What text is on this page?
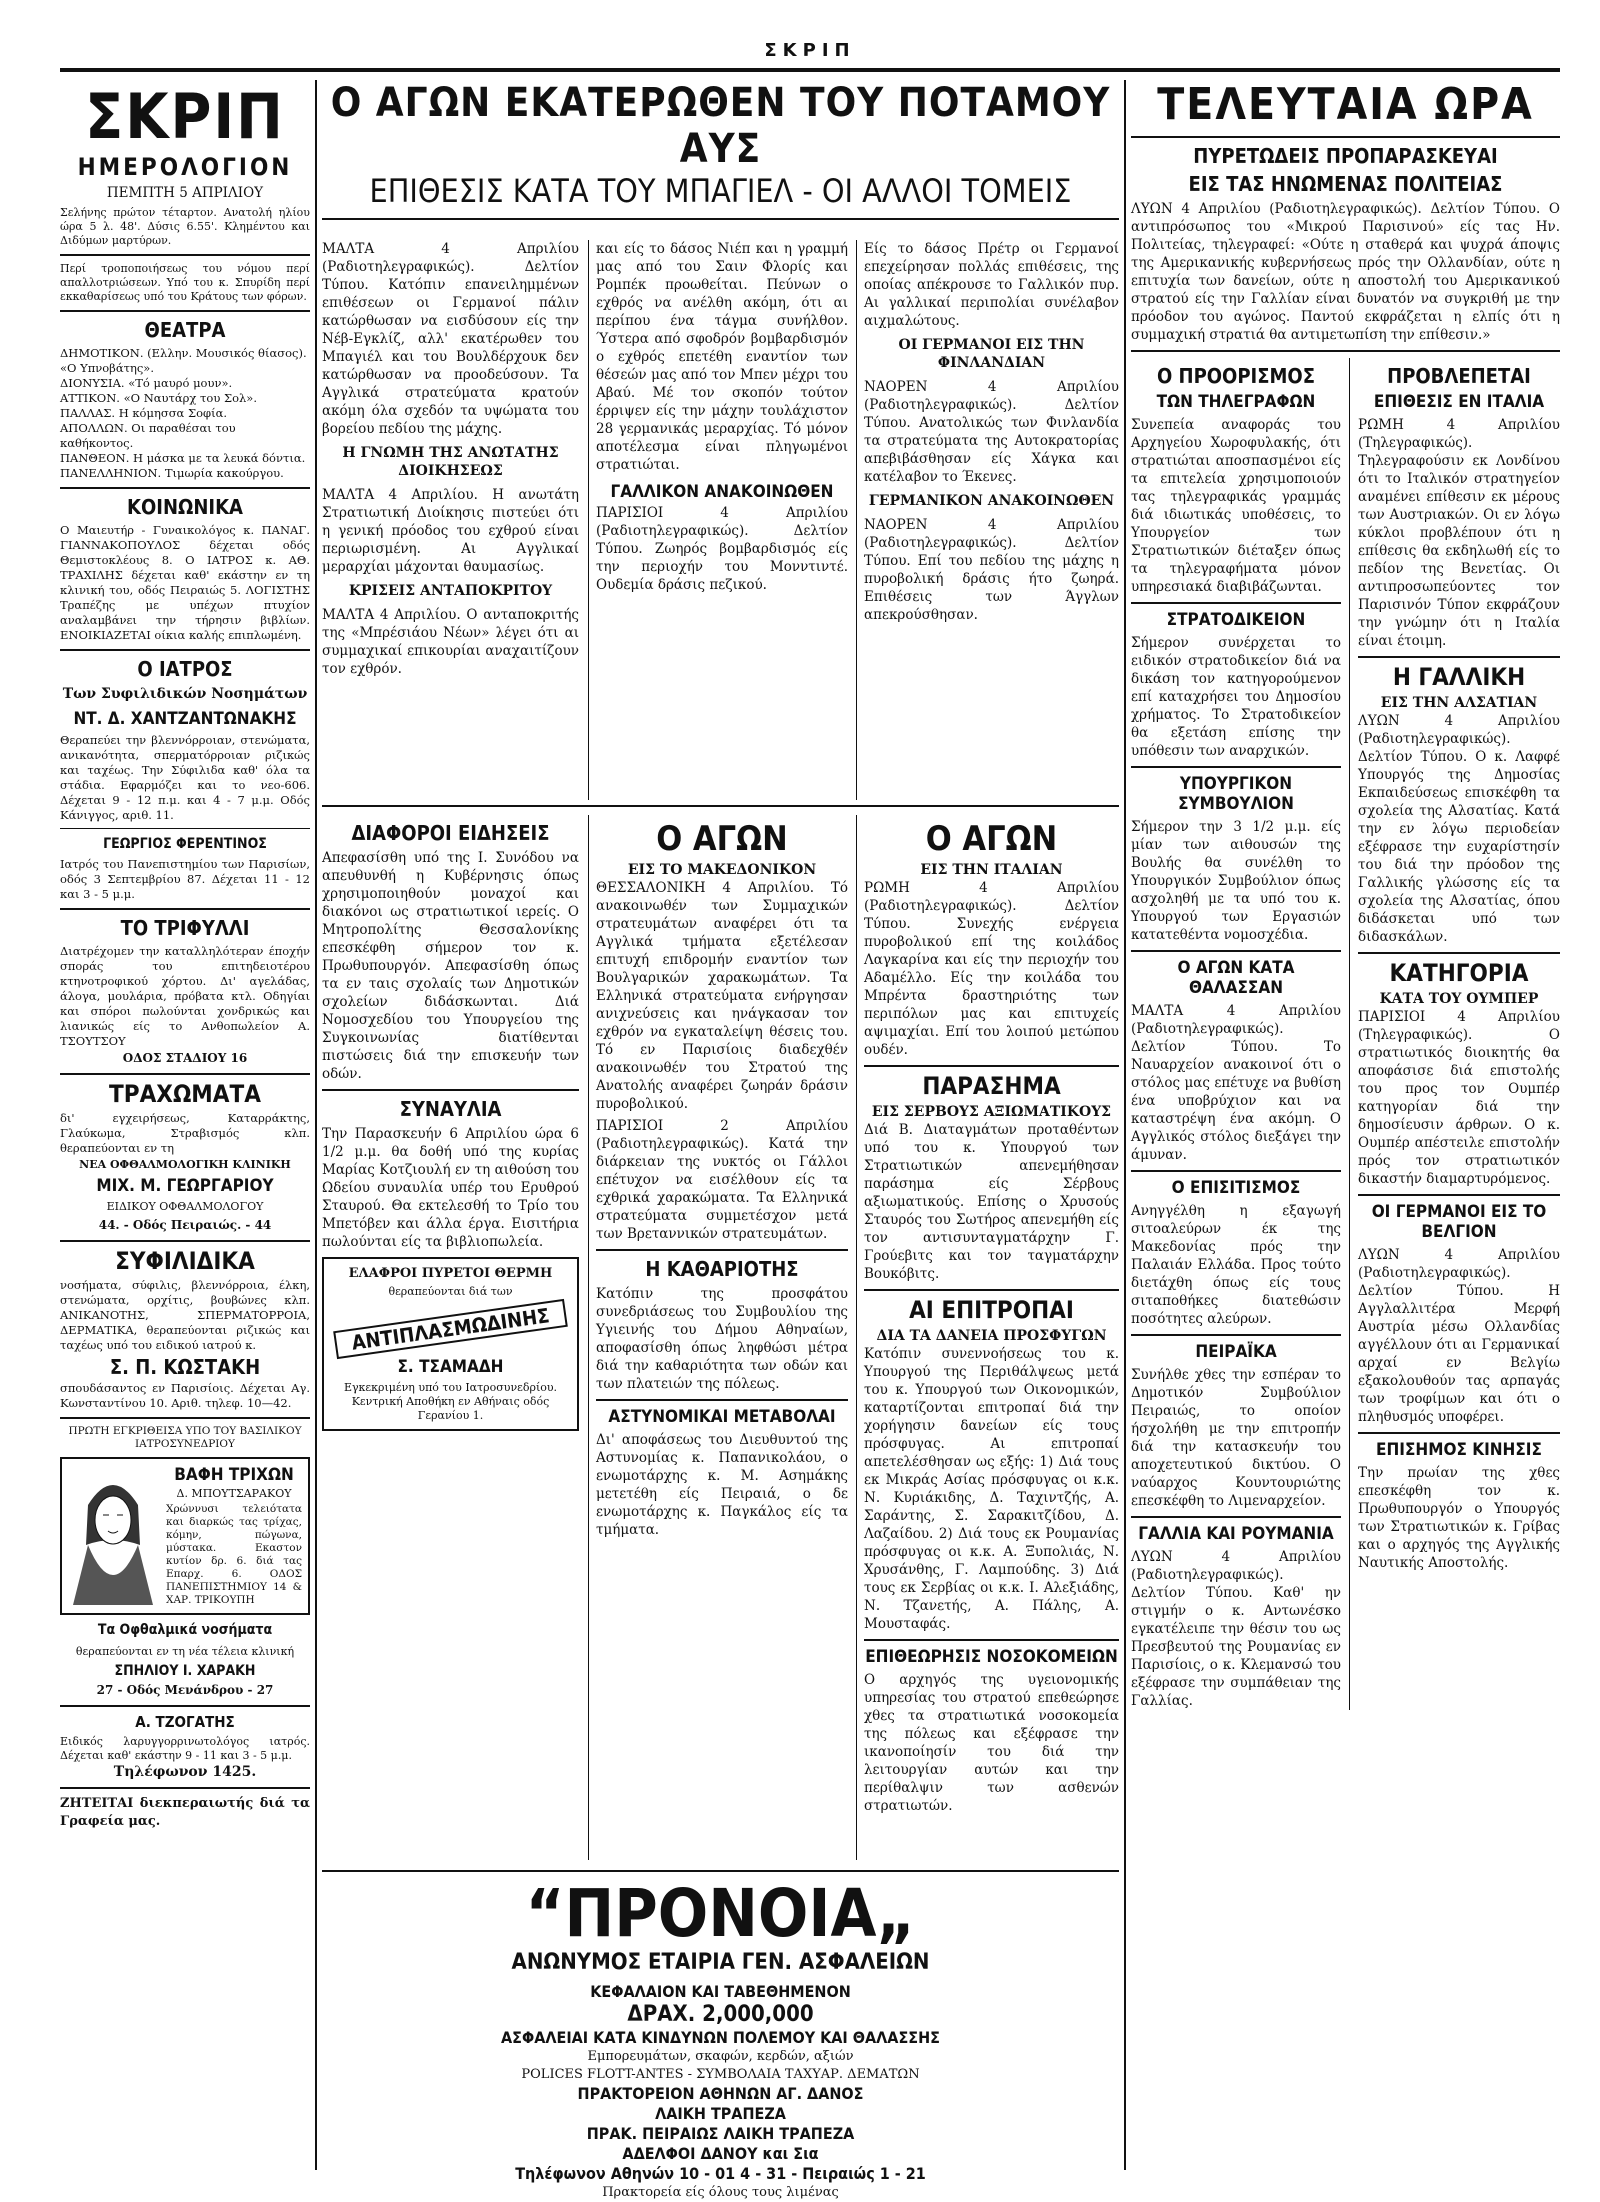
ΣΚΡΙΠ
ΣΚΡΙΠ
ΗΜΕΡΟΛΟΓΙΟΝ
ΠΕΜΠΤΗ 5 ΑΠΡΙΛΙΟΥ
Σελήνης πρώτον τέταρτον. Ανατολή ηλίου ώρα 5 λ. 48'. Δύσις 6.55'. Κλημέντου και Διδύμων μαρτύρων.
Περί τροποποιήσεως του νόμου περί απαλλοτριώσεων. Υπό του κ. Σπυρίδη περί εκκαθαρίσεως υπό του Κράτους των φόρων.
ΘΕΑΤΡΑ
ΔΗΜΟΤΙΚΟΝ. (Ελλην. Μουσικός θίασος). «Ο Υπνοβάτης».
ΔΙΟΝΥΣΙΑ. «Τό μαυρό μουν».
ΑΤΤΙΚΟΝ. «Ο Ναυτάρχ του Σολ».
ΠΑΛΛΑΣ. Η κόμησσα Σοφία.
ΑΠΟΛΛΩΝ. Οι παραθέσαι του καθήκοντος.
ΠΑΝΘΕΟΝ. Η μάσκα με τα λευκά δόντια.
ΠΑΝΕΛΛΗΝΙΟΝ. Τιμωρία κακούργου.
ΚΟΙΝΩΝΙΚΑ
Ο Μαιευτήρ - Γυναικολόγος κ. ΠΑΝΑΓ. ΓΙΑΝΝΑΚΟΠΟΥΛΟΣ δέχεται οδός Θεμιστοκλέους 8. Ο ΙΑΤΡΟΣ κ. ΑΘ. ΤΡΑΧΙΛΗΣ δέχεται καθ' εκάστην εν τη κλινική του, οδός Πειραιώς 5. ΛΟΓΙΣΤΗΣ Τραπέζης με υπέχων πτυχίον αναλαμβάνει την τήρησιν βιβλίων. ΕΝΟΙΚΙΑΖΕΤΑΙ οίκια καλής επιπλωμένη.
Ο ΙΑΤΡΟΣ
Των Συφιλιδικών Νοσημάτων
ΝΤ. Δ. ΧΑΝΤΖΑΝΤΩΝΑΚΗΣ
Θεραπεύει την βλεννόρροιαν, στενώματα, ανικανότητα, σπερματόρροιαν ριζικώς και ταχέως. Την Σύφιλιδα καθ' όλα τα στάδια. Εφαρμόζει και το νεο-606. Δέχεται 9 - 12 π.μ. και 4 - 7 μ.μ. Οδός Κάνιγγος, αριθ. 11.
ΓΕΩΡΓΙΟΣ ΦΕΡΕΝΤΙΝΟΣ
Ιατρός του Πανεπιστημίου των Παρισίων, οδός 3 Σεπτεμβρίου 87. Δέχεται 11 - 12 και 3 - 5 μ.μ.
ΤΟ ΤΡΙΦΥΛΛΙ
Διατρέχομεν την καταλληλότεραν έποχήν σποράς του επιτηδειοτέρου κτηνοτροφικού χόρτου. Δι' αγελάδας, άλογα, μουλάρια, πρόβατα κτλ. Οδηγίαι και σπόροι πωλούνται χονδρικώς και λιανικώς είς το Ανθοπωλείον Α. ΤΣΟΥΤΣΟΥ
ΟΔΟΣ ΣΤΑΔΙΟΥ 16
ΤΡΑΧΩΜΑΤΑ
δι' εγχειρήσεως, Καταρράκτης, Γλαύκωμα, Στραβισμός κλπ. θεραπεύονται εν τη
ΝΕΑ ΟΦΘΑΛΜΟΛΟΓΙΚΗ ΚΛΙΝΙΚΗ
ΜΙΧ. Μ. ΓΕΩΡΓΑΡΙΟΥ
ΕΙΔΙΚΟΥ ΟΦΘΑΛΜΟΛΟΓΟΥ
44. - Οδός Πειραιώς. - 44
ΣΥΦΙΛΙΔΙΚΑ
νοσήματα, σύφιλις, βλεννόρροια, έλκη, στενώματα, ορχίτις, βουβώνες κλπ. ΑΝΙΚΑΝΟΤΗΣ, ΣΠΕΡΜΑΤΟΡΡΟΙΑ, ΔΕΡΜΑΤΙΚΑ, θεραπεύονται ριζικώς και ταχέως υπό του ειδικού ιατρού κ.
Σ. Π. ΚΩΣΤΑΚΗ
σπουδάσαντος εν Παρισίοις. Δέχεται Αγ. Κωνσταντίνου 10. Αριθ. τηλεφ. 10—42.
ΠΡΩΤΗ ΕΓΚΡΙΘΕΙΣΑ ΥΠΟ ΤΟΥ ΒΑΣΙΛΙΚΟΥ ΙΑΤΡΟΣΥΝΕΔΡΙΟΥ
ΒΑΦΗ ΤΡΙΧΩΝ
Δ. ΜΠΟΥΤΣΑΡΑΚΟΥ
Χρώννυσι τελειότατα και διαρκώς τας τρίχας, κόμην, πώγωνα, μύστακα. Εκαστον κυτίον δρ. 6. διά τας Επαρχ. 6. ΟΔΟΣ ΠΑΝΕΠΙΣΤΗΜΙΟΥ 14 & ΧΑΡ. ΤΡΙΚΟΥΠΗ
Τα Οφθαλμικά νοσήματα
θεραπεύονται εν τη νέα τέλεια κλινική
ΣΠΗΛΙΟΥ Ι. ΧΑΡΑΚΗ
27 - Οδός Μενάνδρου - 27
Α. ΤΖΟΓΑΤΗΣ
Ειδικός λαρυγγορρινωτολόγος ιατρός. Δέχεται καθ' εκάστην 9 - 11 και 3 - 5 μ.μ.
Τηλέφωνον 1425.
ΖΗΤΕΙΤΑΙ διεκπεραιωτής διά τα Γραφεία μας.
Ο ΑΓΩΝ ΕΚΑΤΕΡΩΘΕΝ ΤΟΥ ΠΟΤΑΜΟΥ ΑΥΣ
ΕΠΙΘΕΣΙΣ ΚΑΤΑ ΤΟΥ ΜΠΑΓΙΕΛ - ΟΙ ΑΛΛΟΙ ΤΟΜΕΙΣ
ΜΑΛΤΑ 4 Απριλίου (Ραδιοτηλεγραφικώς). Δελτίον Τύπου. Κατόπιν επανειλημμένων επιθέσεων οι Γερμανοί πάλιν κατώρθωσαν να εισδύσουν είς την Νέβ-Εγκλίζ, αλλ' εκατέρωθεν του Μπαγιέλ και του Βουλδέρχουκ δεν κατώρθωσαν να προοδεύσουν. Τα Αγγλικά στρατεύματα κρατούν ακόμη όλα σχεδόν τα υψώματα του βορείου πεδίου της μάχης.
Η ΓΝΩΜΗ ΤΗΣ ΑΝΩΤΑΤΗΣ ΔΙΟΙΚΗΣΕΩΣ
ΜΑΛΤΑ 4 Απριλίου. Η ανωτάτη Στρατιωτική Διοίκησις πιστεύει ότι η γενική πρόοδος του εχθρού είναι περιωρισμένη. Αι Αγγλικαί μεραρχίαι μάχονται θαυμασίως.
ΚΡΙΣΕΙΣ ΑΝΤΑΠΟΚΡΙΤΟΥ
ΜΑΛΤΑ 4 Απριλίου. Ο ανταποκριτής της «Μπρέσιάου Νέων» λέγει ότι αι συμμαχικαί επικουρίαι αναχαιτίζουν τον εχθρόν.
και είς το δάσος Νιέπ και η γραμμή μας από του Σαιν Φλορίς και Ρομπέκ προωθείται. Πεύνων ο εχθρός να ανέλθη ακόμη, ότι αι περίπου ένα τάγμα συνήλθον. Ύστερα από σφοδρόν βομβαρδισμόν ο εχθρός επετέθη εναντίον των θέσεών μας από τον Μπεν μέχρι του Αβαύ. Μέ τον σκοπόν τούτον έρριψεν είς την μάχην τουλάχιστον 28 γερμανικάς μεραρχίας. Τό μόνον αποτέλεσμα είναι πληγωμένοι στρατιώται.
ΓΑΛΛΙΚΟΝ ΑΝΑΚΟΙΝΩΘΕΝ
ΠΑΡΙΣΙΟΙ 4 Απριλίου (Ραδιοτηλεγραφικώς). Δελτίον Τύπου. Ζωηρός βομβαρδισμός είς την περιοχήν του Μονντιντέ. Ουδεμία δράσις πεζικού.
Είς το δάσος Πρέτρ οι Γερμανοί επεχείρησαν πολλάς επιθέσεις, της οποίας απέκρουσε το Γαλλικόν πυρ. Αι γαλλικαί περιπολίαι συνέλαβον αιχμαλώτους.
ΟΙ ΓΕΡΜΑΝΟΙ ΕΙΣ ΤΗΝ ΦΙΝΛΑΝΔΙΑΝ
ΝΑΟΡΕΝ 4 Απριλίου (Ραδιοτηλεγραφικώς). Δελτίον Τύπου. Ανατολικώς των Φινλανδία τα στρατεύματα της Αυτοκρατορίας απεβιβάσθησαν είς Χάγκα και κατέλαβον το Έκενες.
ΓΕΡΜΑΝΙΚΟΝ ΑΝΑΚΟΙΝΩΘΕΝ
ΝΑΟΡΕΝ 4 Απριλίου (Ραδιοτηλεγραφικώς). Δελτίον Τύπου. Επί του πεδίου της μάχης η πυροβολική δράσις ήτο ζωηρά. Επιθέσεις των Άγγλων απεκρούσθησαν.
ΔΙΑΦΟΡΟΙ ΕΙΔΗΣΕΙΣ
Απεφασίσθη υπό της Ι. Συνόδου να απευθυνθή η Κυβέρνησις όπως χρησιμοποιηθούν μοναχοί και διακόνοι ως στρατιωτικοί ιερείς. Ο Μητροπολίτης Θεσσαλονίκης επεσκέφθη σήμερον τον κ. Πρωθυπουργόν. Απεφασίσθη όπως τα εν ταις σχολαίς των Δημοτικών σχολείων διδάσκωνται. Διά Νομοσχεδίου του Υπουργείου της Συγκοινωνίας διατίθενται πιστώσεις διά την επισκευήν των οδών.
ΣΥΝΑΥΛΙΑ
Την Παρασκευήν 6 Απριλίου ώρα 6 1/2 μ.μ. θα δοθή υπό της κυρίας Μαρίας Κοτζιουλή εν τη αιθούση του Ωδείου συναυλία υπέρ του Ερυθρού Σταυρού. Θα εκτελεσθή το Τρίο του Μπετόβεν και άλλα έργα. Εισιτήρια πωλούνται είς τα βιβλιοπωλεία.
ΕΛΑΦΡΟΙ ΠΥΡΕΤΟΙ ΘΕΡΜΗ
θεραπεύονται διά των
ΑΝΤΙΠΛΑΣΜΩΔΙΝΗΣ
Σ. ΤΣΑΜΑΔΗ
Εγκεκριμένη υπό του Ιατροσυνεδρίου. Κεντρική Αποθήκη εν Αθήναις οδός Γερανίου 1.
Ο ΑΓΩΝ
ΕΙΣ ΤΟ ΜΑΚΕΔΟΝΙΚΟΝ
ΘΕΣΣΑΛΟΝΙΚΗ 4 Απριλίου. Τό ανακοινωθέν των Συμμαχικών στρατευμάτων αναφέρει ότι τα Αγγλικά τμήματα εξετέλεσαν επιτυχή επιδρομήν εναντίον των Βουλγαρικών χαρακωμάτων. Τα Ελληνικά στρατεύματα ενήργησαν ανιχνεύσεις και ηνάγκασαν τον εχθρόν να εγκαταλείψη θέσεις του. Τό εν Παρισίοις διαδεχθέν ανακοινωθέν του Στρατού της Ανατολής αναφέρει ζωηράν δράσιν πυροβολικού.
ΠΑΡΙΣΙΟΙ 2 Απριλίου (Ραδιοτηλεγραφικώς). Κατά την διάρκειαν της νυκτός οι Γάλλοι επέτυχον να εισέλθουν είς τα εχθρικά χαρακώματα. Τα Ελληνικά στρατεύματα συμμετέσχον μετά των Βρεταννικών στρατευμάτων.
Η ΚΑΘΑΡΙΟΤΗΣ
Κατόπιν της προσφάτου συνεδριάσεως του Συμβουλίου της Υγιεινής του Δήμου Αθηναίων, αποφασίσθη όπως ληφθώσι μέτρα διά την καθαριότητα των οδών και των πλατειών της πόλεως.
ΑΣΤΥΝΟΜΙΚΑΙ ΜΕΤΑΒΟΛΑΙ
Δι' αποφάσεως του Διευθυντού της Αστυνομίας κ. Παπανικολάου, ο ενωμοτάρχης κ. Μ. Ασημάκης μετετέθη είς Πειραιά, ο δε ενωμοτάρχης κ. Παγκάλος είς τα τμήματα.
Ο ΑΓΩΝ
ΕΙΣ ΤΗΝ ΙΤΑΛΙΑΝ
ΡΩΜΗ 4 Απριλίου (Ραδιοτηλεγραφικώς). Δελτίον Τύπου. Συνεχής ενέργεια πυροβολικού επί της κοιλάδος Λαγκαρίνα και είς την περιοχήν του Αδαμέλλο. Είς την κοιλάδα του Μπρέντα δραστηριότης των περιπόλων μας και επιτυχείς αψιμαχίαι. Επί του λοιπού μετώπου ουδέν.
ΠΑΡΑΣΗΜΑ
ΕΙΣ ΣΕΡΒΟΥΣ ΑΞΙΩΜΑΤΙΚΟΥΣ
Διά Β. Διαταγμάτων προταθέντων υπό του κ. Υπουργού των Στρατιωτικών απενεμήθησαν παράσημα είς Σέρβους αξιωματικούς. Επίσης ο Χρυσούς Σταυρός του Σωτήρος απενεμήθη είς τον αντισυνταγματάρχην Γ. Γρούεβιτς και τον ταγματάρχην Βουκόβιτς.
ΑΙ ΕΠΙΤΡΟΠΑΙ
ΔΙΑ ΤΑ ΔΑΝΕΙΑ ΠΡΟΣΦΥΓΩΝ
Κατόπιν συνεννοήσεως του κ. Υπουργού της Περιθάλψεως μετά του κ. Υπουργού των Οικονομικών, καταρτίζονται επιτροπαί διά την χορήγησιν δανείων είς τους πρόσφυγας. Αι επιτροπαί απετελέσθησαν ως εξής: 1) Διά τους εκ Μικράς Ασίας πρόσφυγας οι κ.κ. Ν. Κυριάκιδης, Δ. Ταχιντζής, Α. Σαράντης, Σ. Σαρακιτζίδου, Δ. Λαζαίδου. 2) Διά τους εκ Ρουμανίας πρόσφυγας οι κ.κ. Α. Ξυπολιάς, Ν. Χρυσάνθης, Γ. Λαμπούδης. 3) Διά τους εκ Σερβίας οι κ.κ. Ι. Αλεξιάδης, Ν. Τζανετής, Α. Πάλης, Α. Μουσταφάς.
ΕΠΙΘΕΩΡΗΣΙΣ ΝΟΣΟΚΟΜΕΙΩΝ
Ο αρχηγός της υγειονομικής υπηρεσίας του στρατού επεθεώρησε χθες τα στρατιωτικά νοσοκομεία της πόλεως και εξέφρασε την ικανοποίησίν του διά την λειτουργίαν αυτών και την περίθαλψιν των ασθενών στρατιωτών.
“ΠΡΟΝΟΙΑ„
ΑΝΩΝΥΜΟΣ ΕΤΑΙΡΙΑ ΓΕΝ. ΑΣΦΑΛΕΙΩΝ
ΚΕΦΑΛΑΙΟΝ ΚΑΙ ΤΑΒΕΘΗΜΕΝΟΝ
ΔΡΑΧ. 2,000,000
ΑΣΦΑΛΕΙΑΙ ΚΑΤΑ ΚΙΝΔΥΝΩΝ ΠΟΛΕΜΟΥ ΚΑΙ ΘΑΛΑΣΣΗΣ
Εμπορευμάτων, σκαφών, κερδών, αξιών
POLICES FLOTT-ANTES - ΣΥΜΒΟΛΑΙΑ ΤΑΧΥΑΡ. ΔΕΜΑΤΩΝ
ΠΡΑΚΤΟΡΕΙΟΝ ΑΘΗΝΩΝ ΑΓ. ΔΑΝΟΣ
ΛΑΙΚΗ ΤΡΑΠΕΖΑ
ΠΡΑΚ. ΠΕΙΡΑΙΩΣ ΛΑΙΚΗ ΤΡΑΠΕΖΑ
ΑΔΕΛΦΟΙ ΔΑΝΟΥ και Σια
Τηλέφωνον Αθηνών 10 - 01 4 - 31 - Πειραιώς 1 - 21
Πρακτορεία είς όλους τους λιμένας
ΤΕΛΕΥΤΑΙΑ ΩΡΑ
ΠΥΡΕΤΩΔΕΙΣ ΠΡΟΠΑΡΑΣΚΕΥΑΙ
ΕΙΣ ΤΑΣ ΗΝΩΜΕΝΑΣ ΠΟΛΙΤΕΙΑΣ
ΛΥΩΝ 4 Απριλίου (Ραδιοτηλεγραφικώς). Δελτίον Τύπου. Ο αντιπρόσωπος του «Μικρού Παρισινού» είς τας Ην. Πολιτείας, τηλεγραφεί: «Ούτε η σταθερά και ψυχρά άποψις της Αμερικανικής κυβερνήσεως πρός την Ολλανδίαν, ούτε η επιτυχία των δανείων, ούτε η αποστολή του Αμερικανικού στρατού είς την Γαλλίαν είναι δυνατόν να συγκριθή με την πρόοδον του αγώνος. Παντού εκφράζεται η ελπίς ότι η συμμαχική στρατιά θα αντιμετωπίση την επίθεσιν.»
Ο ΠΡΟΟΡΙΣΜΟΣ
ΤΩΝ ΤΗΛΕΓΡΑΦΩΝ
Συνεπεία αναφοράς του Αρχηγείου Χωροφυλακής, ότι στρατιώται αποσπασμένοι είς τα επιτελεία χρησιμοποιούν τας τηλεγραφικάς γραμμάς διά ιδιωτικάς υποθέσεις, το Υπουργείον των Στρατιωτικών διέταξεν όπως τα τηλεγραφήματα μόνον υπηρεσιακά διαβιβάζωνται.
ΣΤΡΑΤΟΔΙΚΕΙΟΝ
Σήμερον συνέρχεται το ειδικόν στρατοδικείον διά να δικάση τον κατηγορούμενον επί καταχρήσει του Δημοσίου χρήματος. Το Στρατοδικείον θα εξετάση επίσης την υπόθεσιν των αναρχικών.
ΥΠΟΥΡΓΙΚΟΝ ΣΥΜΒΟΥΛΙΟΝ
Σήμερον την 3 1/2 μ.μ. είς μίαν των αιθουσών της Βουλής θα συνέλθη το Υπουργικόν Συμβούλιον όπως ασχοληθή με τα υπό του κ. Υπουργού των Εργασιών κατατεθέντα νομοσχέδια.
Ο ΑΓΩΝ ΚΑΤΑ ΘΑΛΑΣΣΑΝ
ΜΑΛΤΑ 4 Απριλίου (Ραδιοτηλεγραφικώς). Δελτίον Τύπου. Το Ναυαρχείον ανακοινοί ότι ο στόλος μας επέτυχε να βυθίση ένα υποβρύχιον και να καταστρέψη ένα ακόμη. Ο Αγγλικός στόλος διεξάγει την άμυναν.
Ο ΕΠΙΣΙΤΙΣΜΟΣ
Ανηγγέλθη η εξαγωγή σιτοαλεύρων έκ της Μακεδονίας πρός την Παλαιάν Ελλάδα. Προς τούτο διετάχθη όπως είς τους σιταποθήκες διατεθώσιν ποσότητες αλεύρων.
ΠΕΙΡΑΪΚΑ
Συνήλθε χθες την εσπέραν το Δημοτικόν Συμβούλιον Πειραιώς, το οποίον ήσχολήθη με την επιτροπήν διά την κατασκευήν του αποχετευτικού δικτύου. Ο ναύαρχος Κουντουριώτης επεσκέφθη το Λιμεναρχείον.
ΓΑΛΛΙΑ ΚΑΙ ΡΟΥΜΑΝΙΑ
ΛΥΩΝ 4 Απριλίου (Ραδιοτηλεγραφικώς). Δελτίον Τύπου. Καθ' ην στιγμήν ο κ. Αντωνέσκο εγκατέλειπε την θέσιν του ως Πρεσβευτού της Ρουμανίας εν Παρισίοις, ο κ. Κλεμανσώ του εξέφρασε την συμπάθειαν της Γαλλίας.
ΠΡΟΒΛΕΠΕΤΑΙ
ΕΠΙΘΕΣΙΣ ΕΝ ΙΤΑΛΙΑ
ΡΩΜΗ 4 Απριλίου (Τηλεγραφικώς). Τηλεγραφούσιν εκ Λονδίνου ότι το Ιταλικόν στρατηγείον αναμένει επίθεσιν εκ μέρους των Αυστριακών. Οι εν λόγω κύκλοι προβλέπουν ότι η επίθεσις θα εκδηλωθή είς το πεδίον της Βενετίας. Οι αντιπροσωπεύοντες τον Παρισινόν Τύπον εκφράζουν την γνώμην ότι η Ιταλία είναι έτοιμη.
Η ΓΑΛΛΙΚΗ
ΕΙΣ ΤΗΝ ΑΛΣΑΤΙΑΝ
ΛΥΩΝ 4 Απριλίου (Ραδιοτηλεγραφικώς). Δελτίον Τύπου. Ο κ. Λαφφέ Υπουργός της Δημοσίας Εκπαιδεύσεως επισκέφθη τα σχολεία της Αλσατίας. Κατά την εν λόγω περιοδείαν εξέφρασε την ευχαρίστησίν του διά την πρόοδον της Γαλλικής γλώσσης είς τα σχολεία της Αλσατίας, όπου διδάσκεται υπό των διδασκάλων.
ΚΑΤΗΓΟΡΙΑ
ΚΑΤΑ ΤΟΥ ΟΥΜΠΕΡ
ΠΑΡΙΣΙΟΙ 4 Απριλίου (Τηλεγραφικώς). Ο στρατιωτικός διοικητής θα αποφάσισε διά επιστολής του προς τον Ουμπέρ κατηγορίαν διά την δημοσίευσιν άρθρων. Ο κ. Ουμπέρ απέστειλε επιστολήν πρός τον στρατιωτικόν δικαστήν διαμαρτυρόμενος.
ΟΙ ΓΕΡΜΑΝΟΙ ΕΙΣ ΤΟ ΒΕΛΓΙΟΝ
ΛΥΩΝ 4 Απριλίου (Ραδιοτηλεγραφικώς). Δελτίον Τύπου. Η Αγγλαλλιτέρα Μερφή Αυστρία μέσω Ολλανδίας αγγέλλουν ότι αι Γερμανικαί αρχαί εν Βελγίω εξακολουθούν τας αρπαγάς των τροφίμων και ότι ο πληθυσμός υποφέρει.
ΕΠΙΣΗΜΟΣ ΚΙΝΗΣΙΣ
Την πρωίαν της χθες επεσκέφθη τον κ. Πρωθυπουργόν ο Υπουργός των Στρατιωτικών κ. Γρίβας και ο αρχηγός της Αγγλικής Ναυτικής Αποστολής.
